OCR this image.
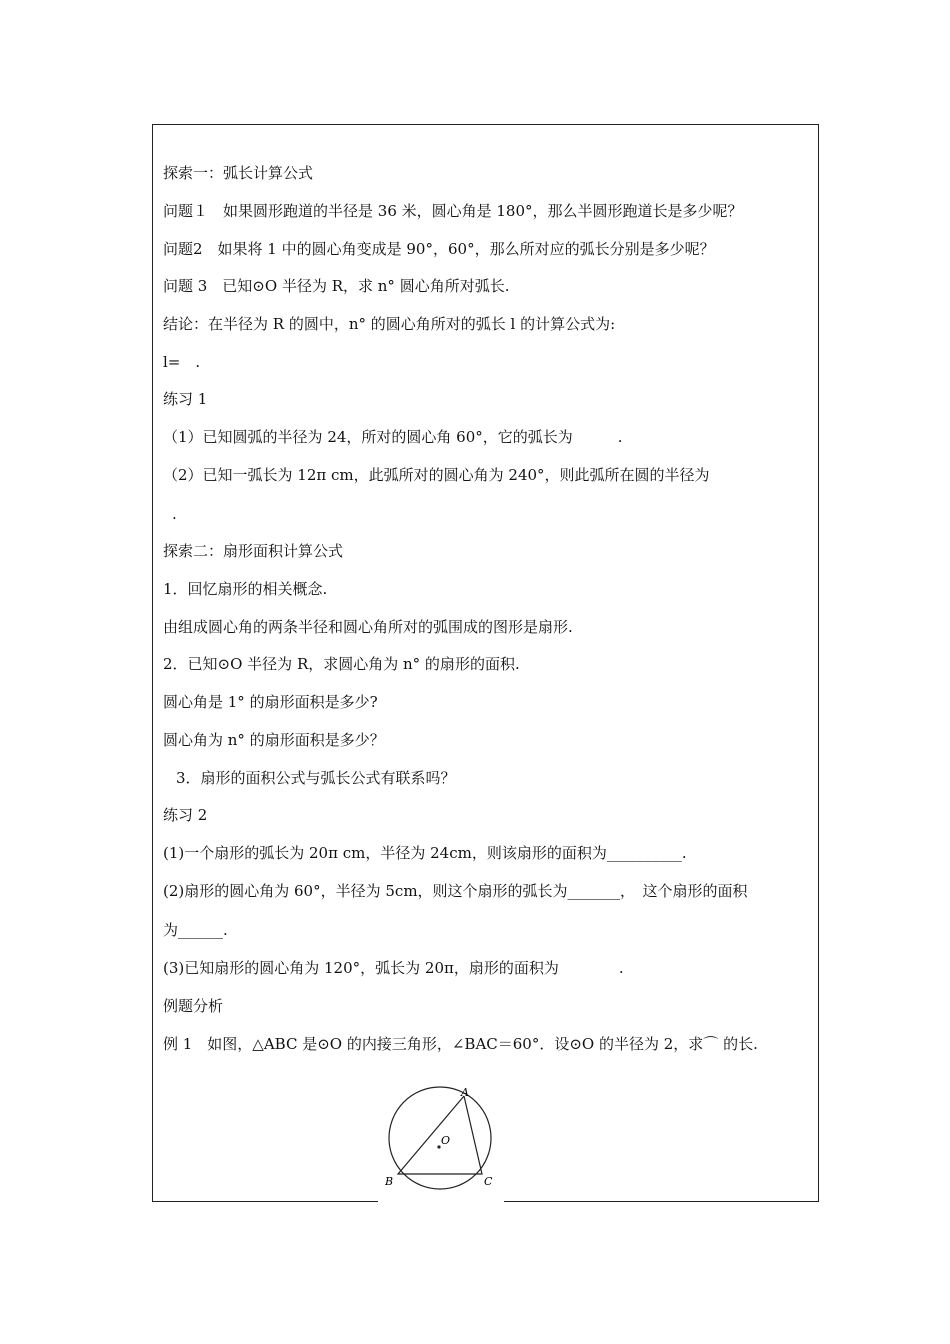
探索一：弧长计算公式
问题１　如果圆形跑道的半径是 36 米，圆心角是 180°，那么半圆形跑道长是多少呢？
问题2　如果将 1 中的圆心角变成是 90°，60°，那么所对应的弧长分别是多少呢？
问题 3　已知⊙O 半径为 R，求 n° 圆心角所对弧长.
结论：在半径为 R 的圆中，n° 的圆心角所对的弧长 l 的计算公式为:
l=　.
练习 1
（1）已知圆弧的半径为 24，所对的圆心角 60°，它的弧长为　　　.
（2）已知一弧长为 12π cm，此弧所对的圆心角为 240°，则此弧所在圆的半径为
.
探索二：扇形面积计算公式
1．回忆扇形的相关概念.
由组成圆心角的两条半径和圆心角所对的弧围成的图形是扇形.
2．已知⊙O 半径为 R，求圆心角为 n° 的扇形的面积.
圆心角是 1° 的扇形面积是多少?
圆心角为 n° 的扇形面积是多少？
3．扇形的面积公式与弧长公式有联系吗？
练习 2
(1)一个扇形的弧长为 20π cm，半径为 24cm，则该扇形的面积为__________.
(2)扇形的圆心角为 60°，半径为 5cm，则这个扇形的弧长为_______，　这个扇形的面积
为______.
(3)已知扇形的圆心角为 120°，弧长为 20π，扇形的面积为　　　　.
例题分析
例 1　如图，△ABC 是⊙O 的内接三角形，∠BAC＝60°．设⊙O 的半径为 2，求⌒ 的长.
A
B	C
O
